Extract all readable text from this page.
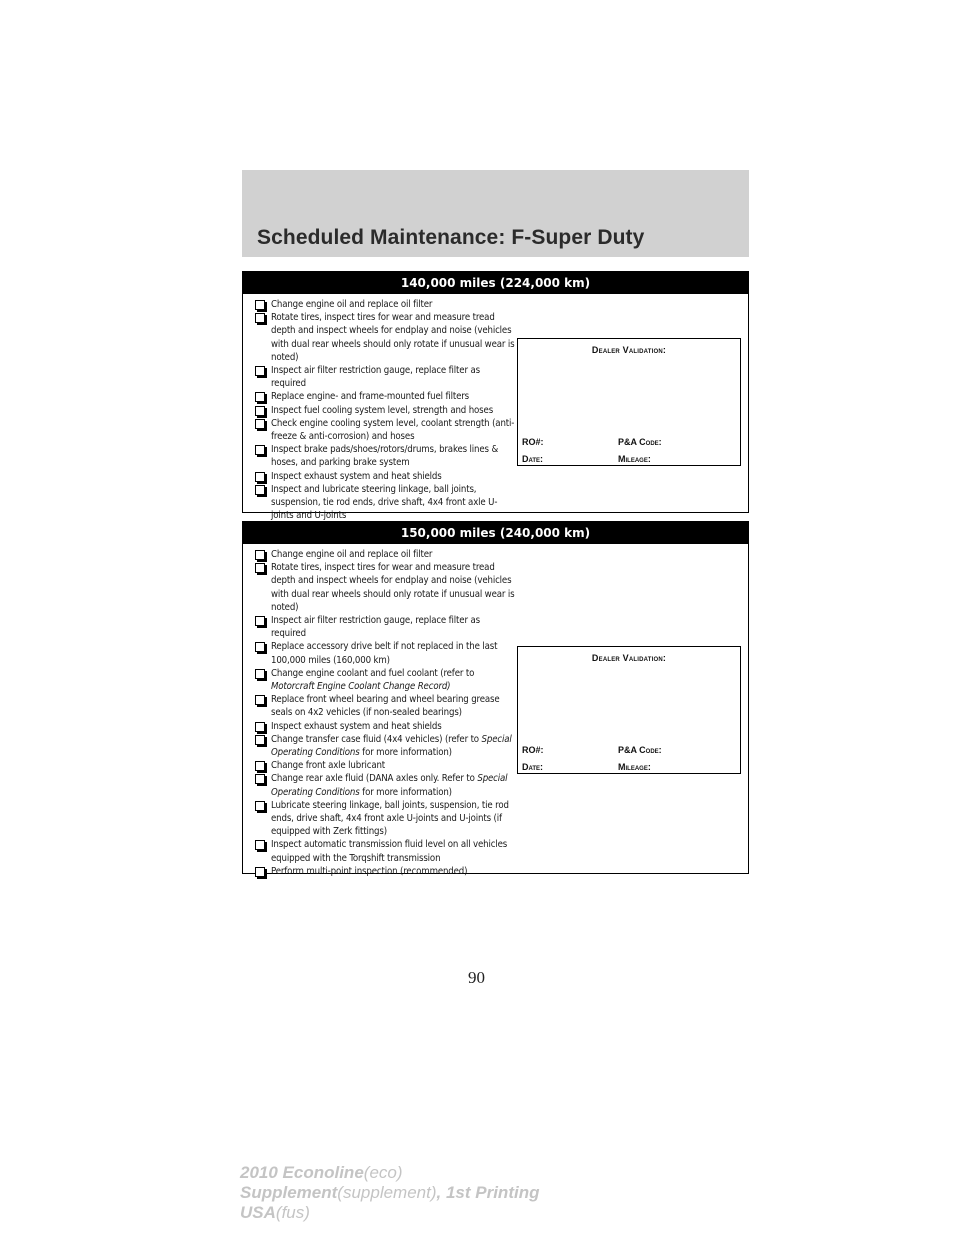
Scheduled Maintenance: F-Super Duty
140,000 miles (224,000 km)
Change engine oil and replace oil filter
Rotate tires, inspect tires for wear and measure tread depth and inspect wheels for endplay and noise (vehicles with dual rear wheels should only rotate if unusual wear is noted)
Inspect air filter restriction gauge, replace filter as required
Replace engine- and frame-mounted fuel filters
Inspect fuel cooling system level, strength and hoses
Check engine cooling system level, coolant strength (anti-freeze & anti-corrosion) and hoses
Inspect brake pads/shoes/rotors/drums, brakes lines & hoses, and parking brake system
Inspect exhaust system and heat shields
Inspect and lubricate steering linkage, ball joints, suspension, tie rod ends, drive shaft, 4x4 front axle U-joints and U-joints
Dealer Validation:
RO#:	P&A Code:
Date:	Mileage:
150,000 miles (240,000 km)
Change engine oil and replace oil filter
Rotate tires, inspect tires for wear and measure tread depth and inspect wheels for endplay and noise (vehicles with dual rear wheels should only rotate if unusual wear is noted)
Inspect air filter restriction gauge, replace filter as required
Replace accessory drive belt if not replaced in the last 100,000 miles (160,000 km)
Change engine coolant and fuel coolant (refer to Motorcraft Engine Coolant Change Record)
Replace front wheel bearing and wheel bearing grease seals on 4x2 vehicles (if non-sealed bearings)
Inspect exhaust system and heat shields
Change transfer case fluid (4x4 vehicles) (refer to Special Operating Conditions for more information)
Change front axle lubricant
Change rear axle fluid (DANA axles only. Refer to Special Operating Conditions for more information)
Lubricate steering linkage, ball joints, suspension, tie rod ends, drive shaft, 4x4 front axle U-joints and U-joints (if equipped with Zerk fittings)
Inspect automatic transmission fluid level on all vehicles equipped with the Torqshift transmission
Perform multi-point inspection (recommended)
Dealer Validation:
RO#:	P&A Code:
Date:	Mileage:
90
2010 Econoline(eco)
Supplement(supplement), 1st Printing
USA(fus)
